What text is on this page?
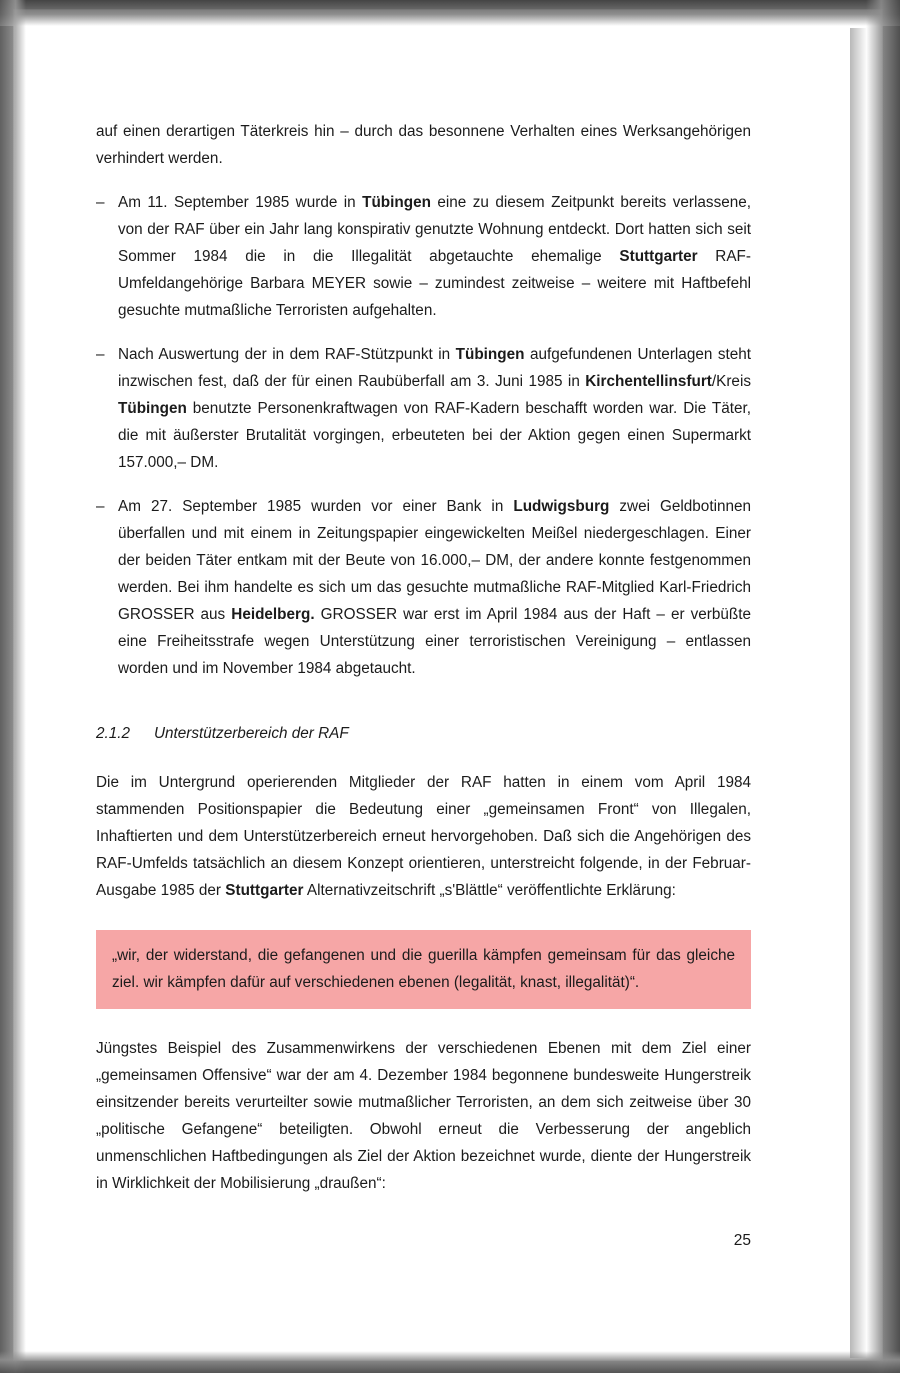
auf einen derartigen Täterkreis hin – durch das besonnene Verhalten eines Werksangehörigen verhindert werden.

– Am 11. September 1985 wurde in Tübingen eine zu diesem Zeitpunkt bereits verlassene, von der RAF über ein Jahr lang konspirativ genutzte Wohnung entdeckt. Dort hatten sich seit Sommer 1984 die in die Illegalität abgetauchte ehemalige Stuttgarter RAF-Umfeldangehörige Barbara MEYER sowie – zumindest zeitweise – weitere mit Haftbefehl gesuchte mutmaßliche Terroristen aufgehalten.

– Nach Auswertung der in dem RAF-Stützpunkt in Tübingen aufgefundenen Unterlagen steht inzwischen fest, daß der für einen Raubüberfall am 3. Juni 1985 in Kirchentellinsfurt/Kreis Tübingen benutzte Personenkraftwagen von RAF-Kadern beschafft worden war. Die Täter, die mit äußerster Brutalität vorgingen, erbeuteten bei der Aktion gegen einen Supermarkt 157.000,– DM.

– Am 27. September 1985 wurden vor einer Bank in Ludwigsburg zwei Geldbotinnen überfallen und mit einem in Zeitungspapier eingewickelten Meißel niedergeschlagen. Einer der beiden Täter entkam mit der Beute von 16.000,– DM, der andere konnte festgenommen werden. Bei ihm handelte es sich um das gesuchte mutmaßliche RAF-Mitglied Karl-Friedrich GROSSER aus Heidelberg. GROSSER war erst im April 1984 aus der Haft – er verbüßte eine Freiheitsstrafe wegen Unterstützung einer terroristischen Vereinigung – entlassen worden und im November 1984 abgetaucht.

2.1.2 Unterstützerbereich der RAF

Die im Untergrund operierenden Mitglieder der RAF hatten in einem vom April 1984 stammenden Positionspapier die Bedeutung einer „gemeinsamen Front“ von Illegalen, Inhaftierten und dem Unterstützerbereich erneut hervorgehoben. Daß sich die Angehörigen des RAF-Umfelds tatsächlich an diesem Konzept orientieren, unterstreicht folgende, in der Februar-Ausgabe 1985 der Stuttgarter Alternativzeitschrift „s'Blättle“ veröffentlichte Erklärung:

„wir, der widerstand, die gefangenen und die guerilla kämpfen gemeinsam für das gleiche ziel. wir kämpfen dafür auf verschiedenen ebenen (legalität, knast, illegalität)“.

Jüngstes Beispiel des Zusammenwirkens der verschiedenen Ebenen mit dem Ziel einer „gemeinsamen Offensive“ war der am 4. Dezember 1984 begonnene bundesweite Hungerstreik einsitzender bereits verurteilter sowie mutmaßlicher Terroristen, an dem sich zeitweise über 30 „politische Gefangene“ beteiligten. Obwohl erneut die Verbesserung der angeblich unmenschlichen Haftbedingungen als Ziel der Aktion bezeichnet wurde, diente der Hungerstreik in Wirklichkeit der Mobilisierung „draußen“:

25
